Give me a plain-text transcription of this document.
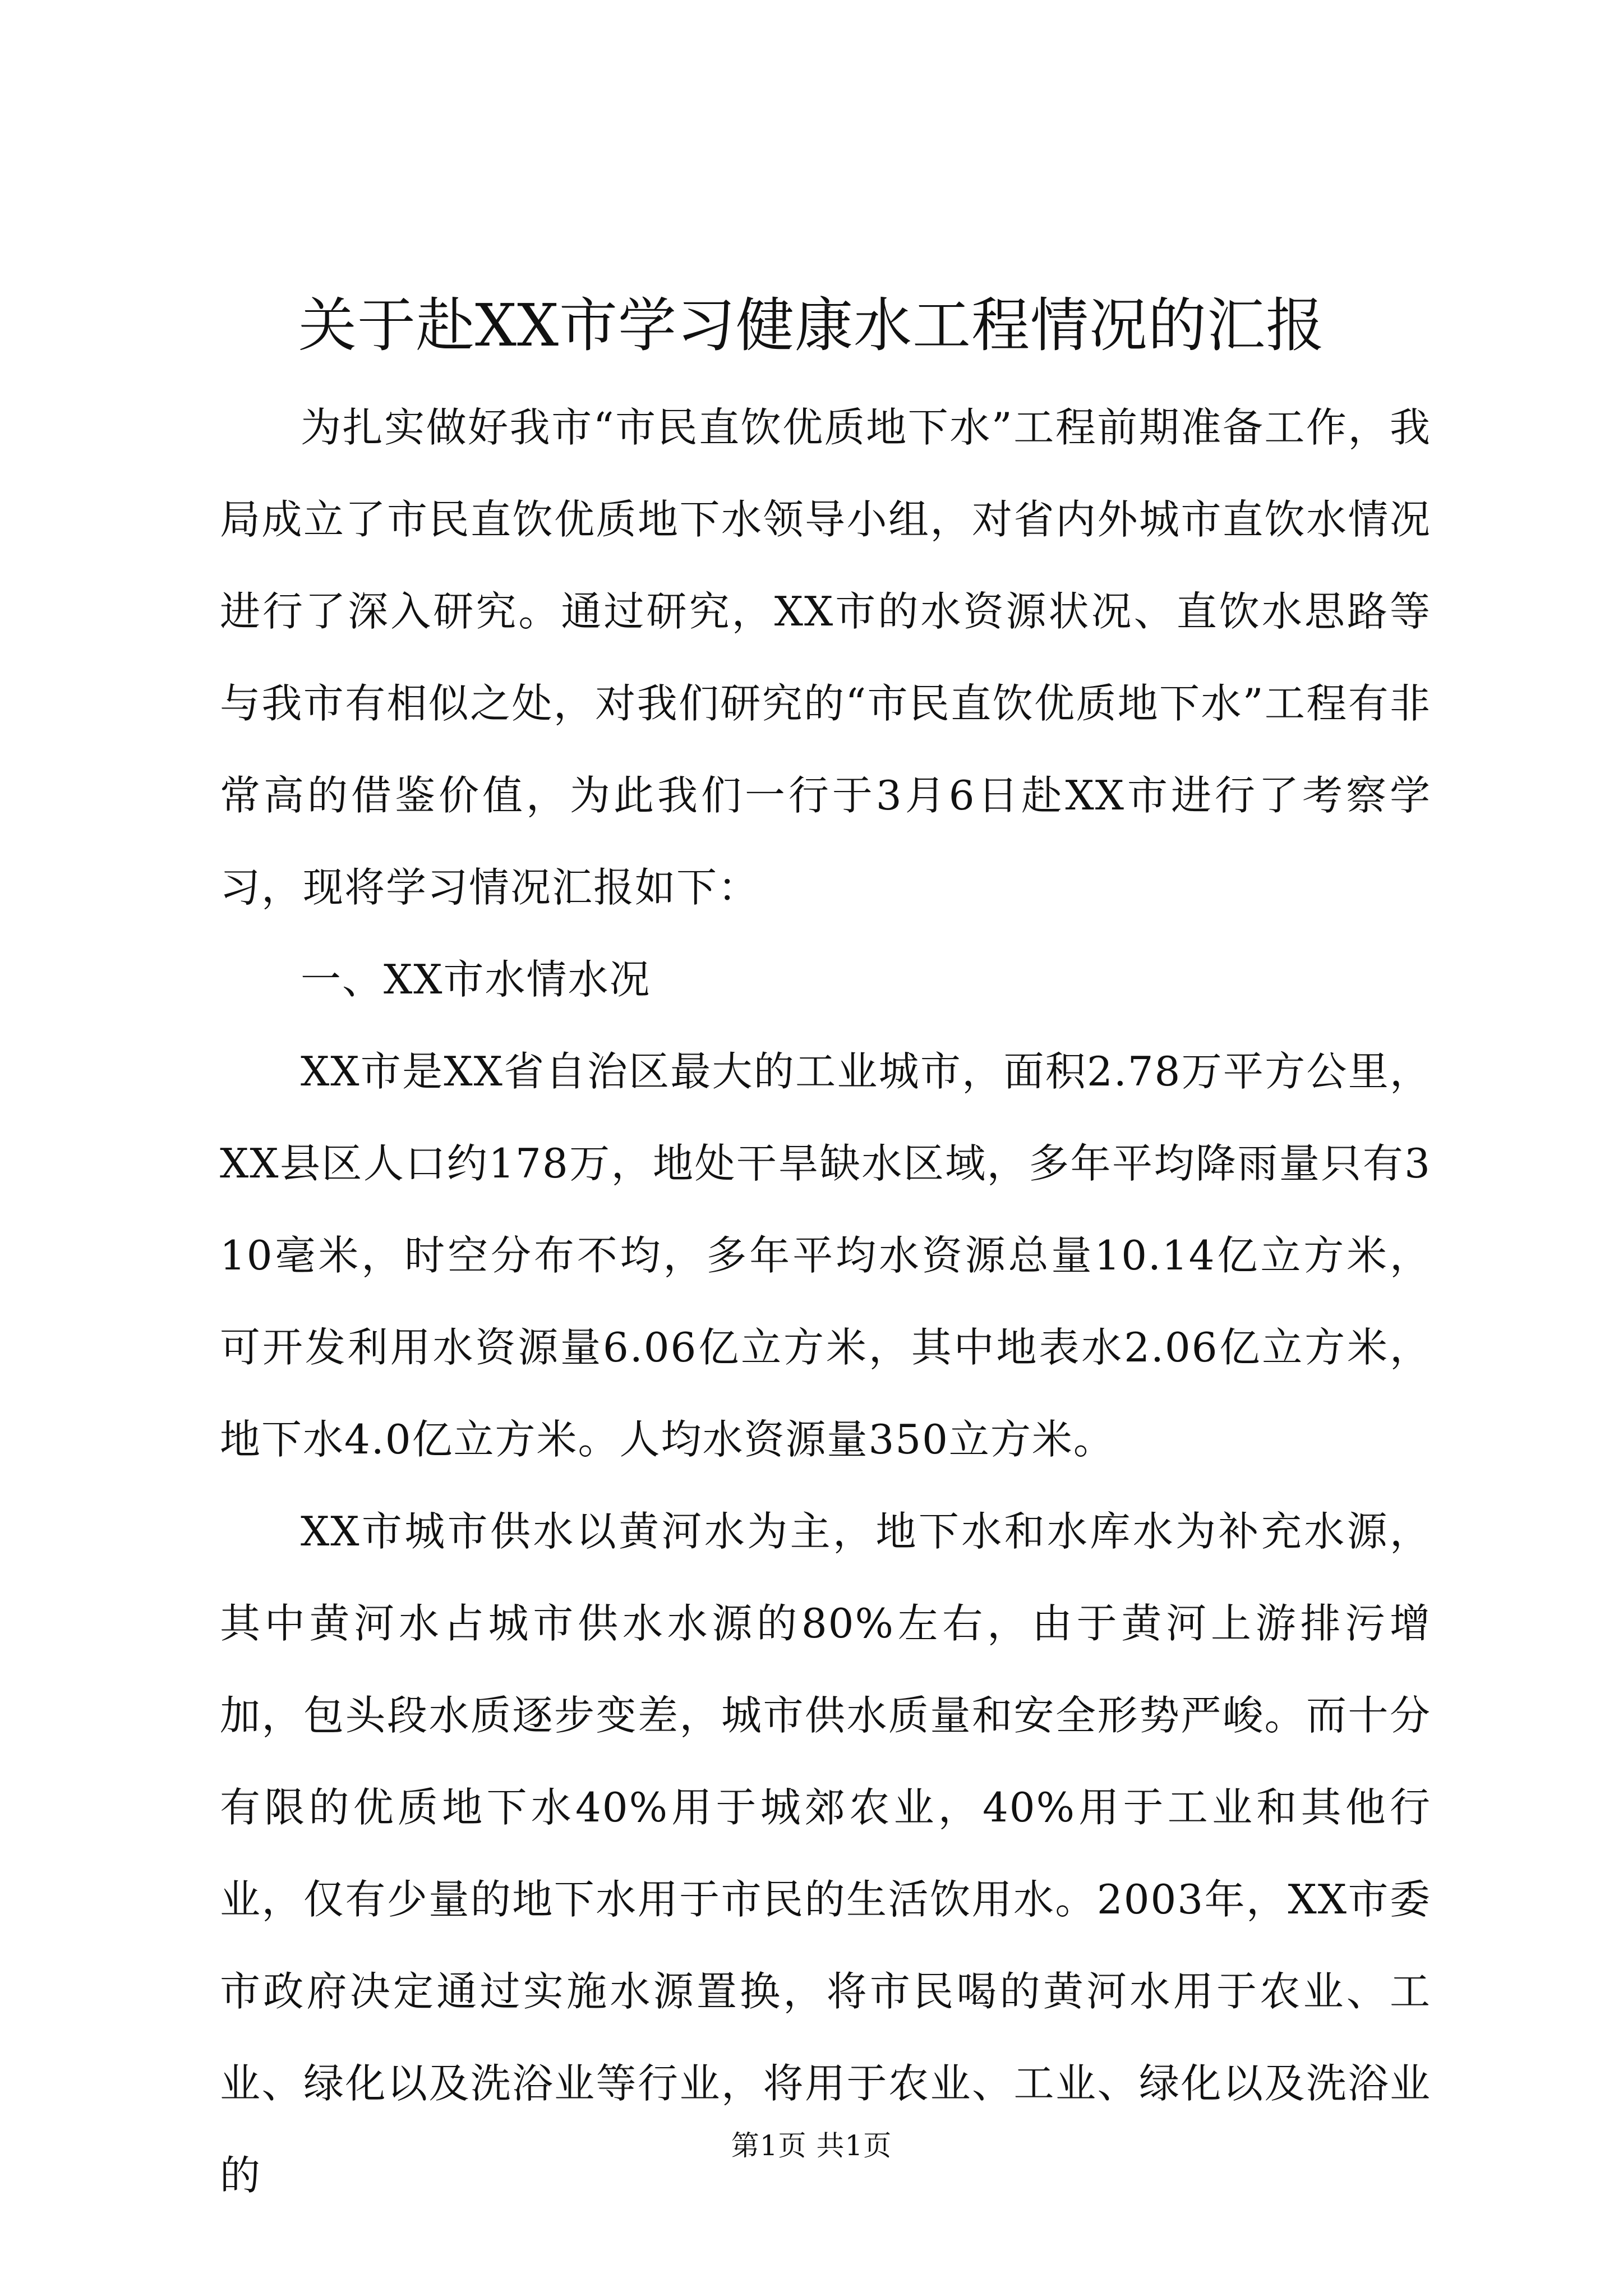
关于赴XX市学习健康水工程情况的汇报

为扎实做好我市“市民直饮优质地下水”工程前期准备工作，我局成立了市民直饮优质地下水领导小组，对省内外城市直饮水情况进行了深入研究。通过研究，XX市的水资源状况、直饮水思路等与我市有相似之处，对我们研究的“市民直饮优质地下水”工程有非常高的借鉴价值，为此我们一行于3月6日赴XX市进行了考察学习，现将学习情况汇报如下：

一、XX市水情水况

XX市是XX省自治区最大的工业城市，面积2.78万平方公里，XX县区人口约178万，地处干旱缺水区域，多年平均降雨量只有310毫米，时空分布不均，多年平均水资源总量10.14亿立方米，可开发利用水资源量6.06亿立方米，其中地表水2.06亿立方米，地下水4.0亿立方米。人均水资源量350立方米。

XX市城市供水以黄河水为主，地下水和水库水为补充水源，其中黄河水占城市供水水源的80%左右，由于黄河上游排污增加，包头段水质逐步变差，城市供水质量和安全形势严峻。而十分有限的优质地下水40%用于城郊农业，40%用于工业和其他行业，仅有少量的地下水用于市民的生活饮用水。2003年，XX市委市政府决定通过实施水源置换，将市民喝的黄河水用于农业、工业、绿化以及洗浴业等行业，将用于农业、工业、绿化以及洗浴业的

第1页 共1页
